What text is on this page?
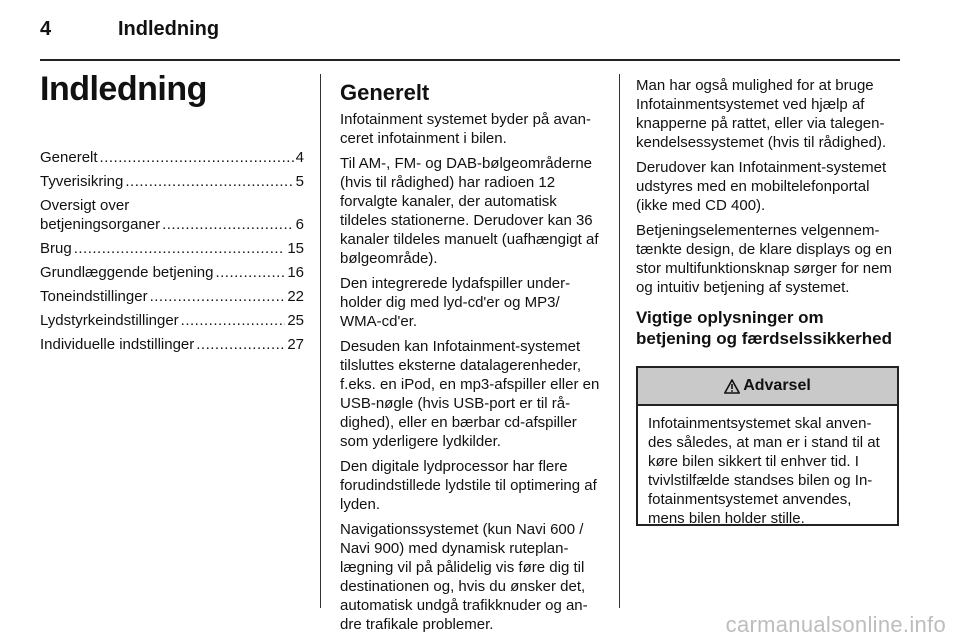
4	Indledning
Indledning
Generelt .....	4
Tyverisikring .....	5
Oversigt over
betjeningsorganer .....	6
Brug .....	15
Grundlæggende betjening .....	16
Toneindstillinger .....	22
Lydstyrkeindstillinger .....	25
Individuelle indstillinger .....	27
Generelt

Infotainment systemet byder på avanceret infotainment i bilen.

Til AM-, FM- og DAB-bølgeområderne (hvis til rådighed) har radioen 12 forvalgte kanaler, der automatisk tildeles stationerne. Derudover kan 36 kanaler tildeles manuelt (uafhængigt af bølgeområde).

Den integrerede lydafspiller underholder dig med lyd-cd'er og MP3/ WMA-cd'er.

Desuden kan Infotainment-systemet tilsluttes eksterne datalagerenheder, f.eks. en iPod, en mp3-afspiller eller en USB-nøgle (hvis USB-port er til rådighed), eller en bærbar cd-afspiller som yderligere lydkilder.

Den digitale lydprocessor har flere forudindstillede lydstile til optimering af lyden.

Navigationssystemet (kun Navi 600 / Navi 900) med dynamisk ruteplanlægning vil på pålidelig vis føre dig til destinationen og, hvis du ønsker det, automatisk undgå trafikknuder og andre trafikale problemer.

Man har også mulighed for at bruge Infotainmentsystemet ved hjælp af knapperne på rattet, eller via talegenkendelsessystemet (hvis til rådighed).

Derudover kan Infotainment-systemet udstyres med en mobiltelefonportal (ikke med CD 400).

Betjeningselementernes velgennemtænkte design, de klare displays og en stor multifunktionsknap sørger for nem og intuitiv betjening af systemet.

Vigtige oplysninger om
betjening og færdselssikkerhed
Advarsel
Infotainmentsystemet skal anvendes således, at man er i stand til at køre bilen sikkert til enhver tid. I tvivlstilfælde standses bilen og Infotainmentsystemet anvendes, mens bilen holder stille.
carmanualsonline.info
